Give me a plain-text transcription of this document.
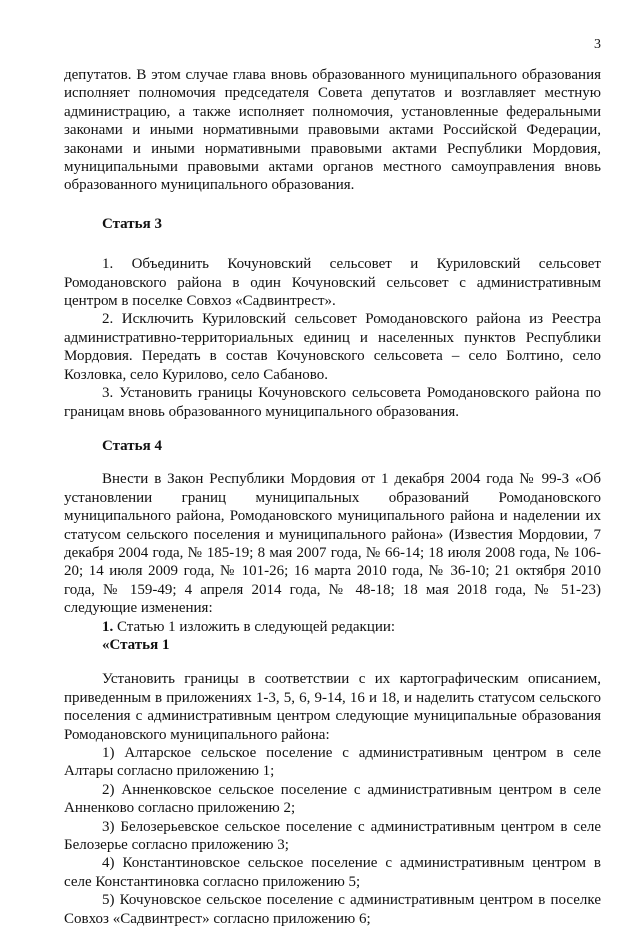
3

депутатов. В этом случае глава вновь образованного муниципального образования исполняет полномочия председателя Совета депутатов и возглавляет местную администрацию, а также исполняет полномочия, установленные федеральными законами и иными нормативными правовыми актами Российской Федерации, законами и иными нормативными правовыми актами Республики Мордовия, муниципальными правовыми актами органов местного самоуправления вновь образованного муниципального образования.

Статья 3

1. Объединить Кочуновский сельсовет и Куриловский сельсовет Ромодановского района в один Кочуновский сельсовет с административным центром в поселке Совхоз «Садвинтрест».

2. Исключить Куриловский сельсовет Ромодановского района из Реестра административно-территориальных единиц и населенных пунктов Республики Мордовия. Передать в состав Кочуновского сельсовета – село Болтино, село Козловка, село Курилово, село Сабаново.

3. Установить границы Кочуновского сельсовета Ромодановского района по границам вновь образованного муниципального образования.

Статья 4

Внести в Закон Республики Мордовия от 1 декабря 2004 года № 99-З «Об установлении границ муниципальных образований Ромодановского муниципального района, Ромодановского муниципального района и наделении их статусом сельского поселения и муниципального района» (Известия Мордовии, 7 декабря 2004 года, № 185-19; 8 мая 2007 года, № 66-14; 18 июля 2008 года, № 106-20; 14 июля 2009 года, № 101-26; 16 марта 2010 года, № 36-10; 21 октября 2010 года, № 159-49; 4 апреля 2014 года, № 48-18; 18 мая 2018 года, № 51-23) следующие изменения:

1. Статью 1 изложить в следующей редакции:

«Статья 1

Установить границы в соответствии с их картографическим описанием, приведенным в приложениях 1-3, 5, 6, 9-14, 16 и 18, и наделить статусом сельского поселения с административным центром следующие муниципальные образования Ромодановского муниципального района:

1) Алтарское сельское поселение с административным центром в селе Алтары согласно приложению 1;

2) Анненковское сельское поселение с административным центром в селе Анненково согласно приложению 2;

3) Белозерьевское сельское поселение с административным центром в селе Белозерье согласно приложению 3;

4) Константиновское сельское поселение с административным центром в селе Константиновка согласно приложению 5;

5) Кочуновское сельское поселение с административным центром в поселке Совхоз «Садвинтрест» согласно приложению 6;
